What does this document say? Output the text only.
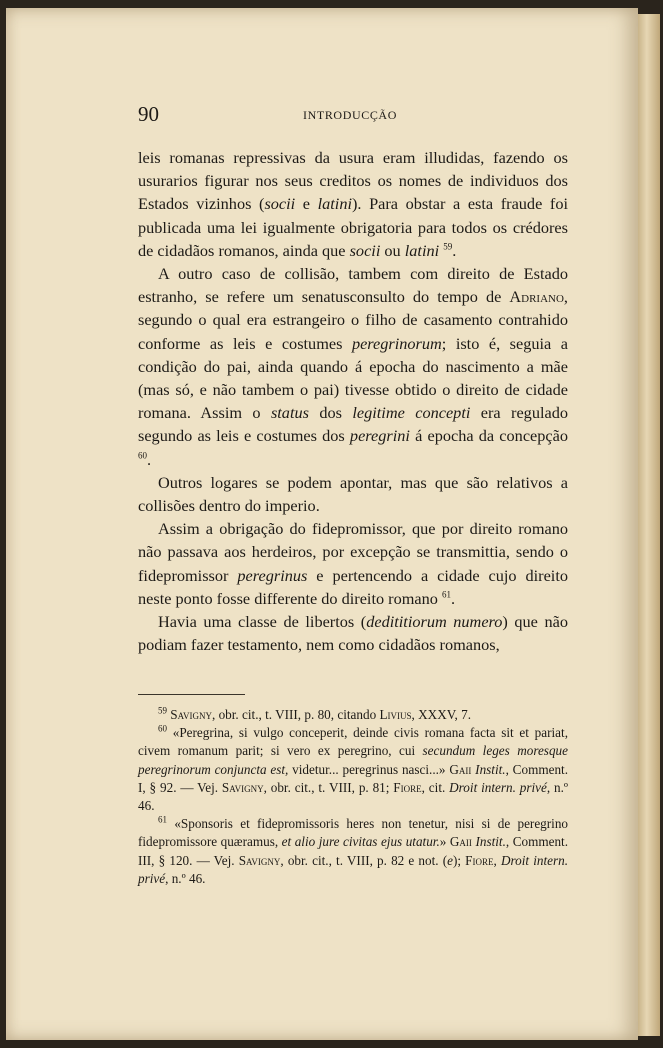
90	INTRODUCÇÃO

leis romanas repressivas da usura eram illudidas, fazendo os usurarios figurar nos seus creditos os nomes de individuos dos Estados vizinhos (socii e latini). Para obstar a esta fraude foi publicada uma lei igualmente obrigatoria para todos os crédores de cidadãos romanos, ainda que socii ou latini $^{59}$.

A outro caso de collisão, tambem com direito de Estado estranho, se refere um senatusconsulto do tempo de Adriano, segundo o qual era estrangeiro o filho de casamento contrahido conforme as leis e costumes peregrinorum; isto é, seguia a condição do pai, ainda quando á epocha do nascimento a mãe (mas só, e não tambem o pai) tivesse obtido o direito de cidade romana. Assim o status dos legitime concepti era regulado segundo as leis e costumes dos peregrini á epocha da concepção $^{60}$.

Outros logares se podem apontar, mas que são relativos a collisões dentro do imperio.

Assim a obrigação do fidepromissor, que por direito romano não passava aos herdeiros, por excepção se transmittia, sendo o fidepromissor peregrinus e pertencendo a cidade cujo direito neste ponto fosse differente do direito romano $^{61}$.

Havia uma classe de libertos (dedititiorum numero) que não podiam fazer testamento, nem como cidadãos romanos,

$^{59}$ Savigny, obr. cit., t. VIII, p. 80, citando Livius, XXXV, 7.

$^{60}$ «Peregrina, si vulgo conceperit, deinde civis romana facta sit et pariat, civem romanum parit; si vero ex peregrino, cui secundum leges moresque peregrinorum conjuncta est, videtur... peregrinus nasci...» Gaii Instit., Comment. I, § 92. — Vej. Savigny, obr. cit., t. VIII, p. 81; Fiore, cit. Droit intern. privé, n.º 46.

$^{61}$ «Sponsoris et fidepromissoris heres non tenetur, nisi si de peregrino fidepromissore quæramus, et alio jure civitas ejus utatur.» Gaii Instit., Comment. III, § 120. — Vej. Savigny, obr. cit., t. VIII, p. 82 e not. (e); Fiore, Droit intern. privé, n.º 46.
